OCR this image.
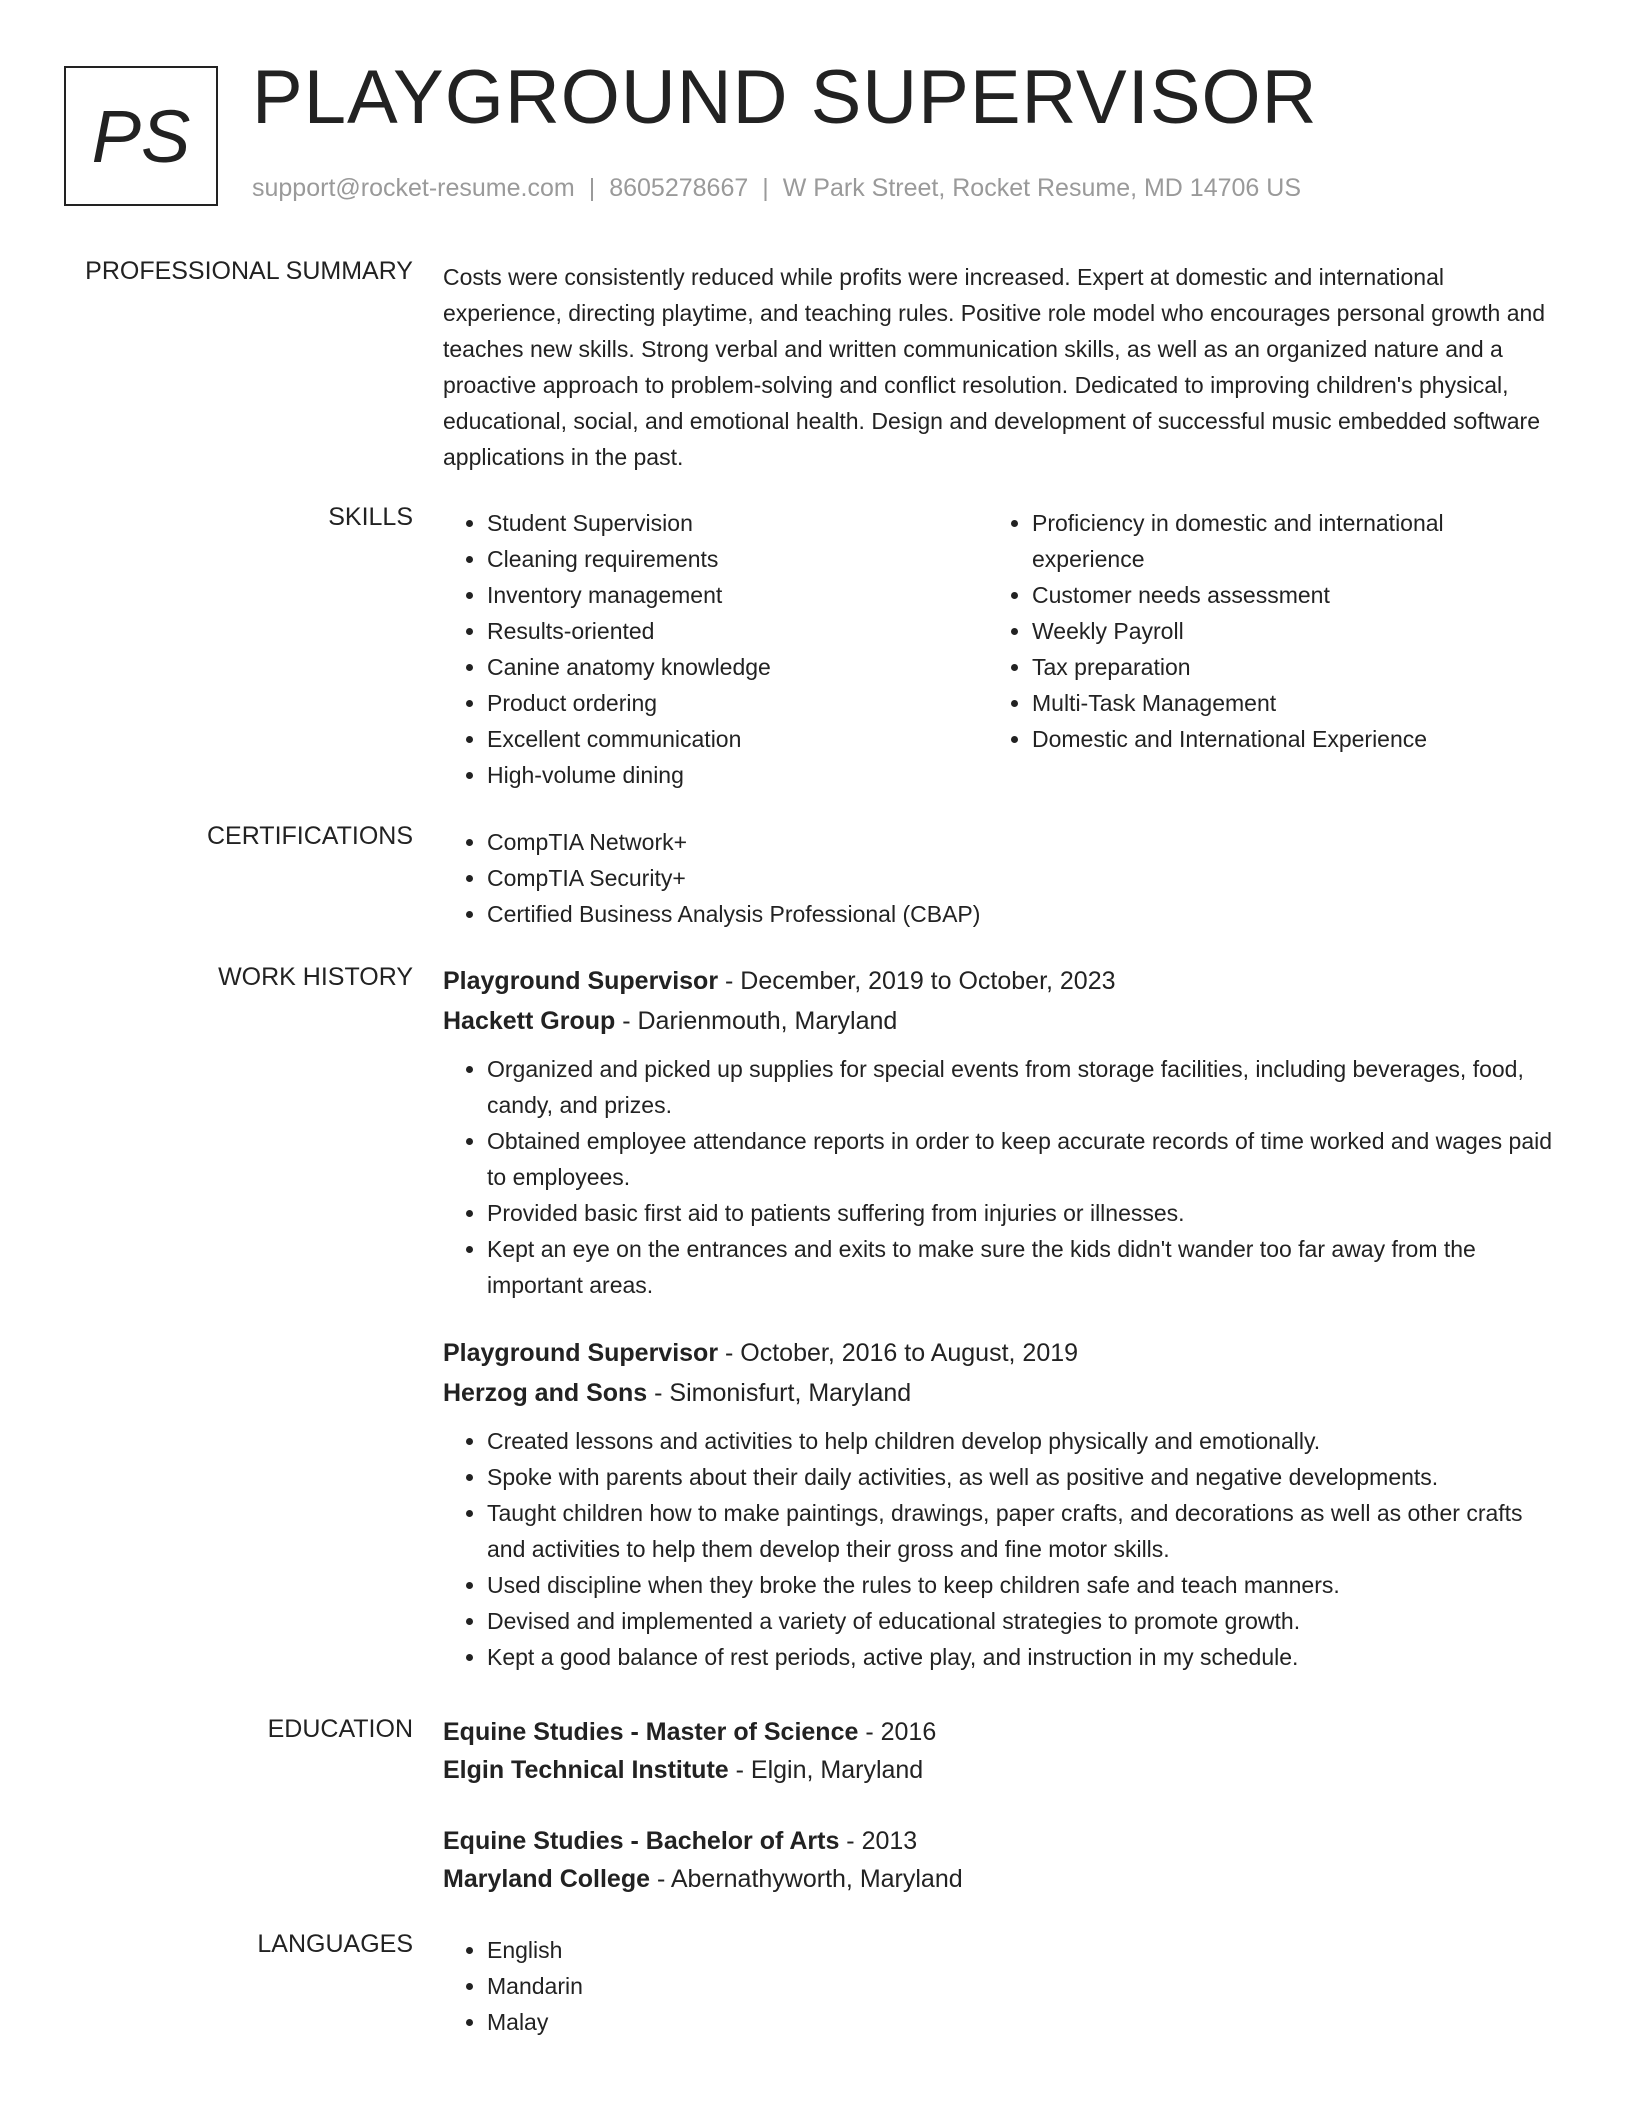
PS PLAYGROUND SUPERVISOR
support@rocket-resume.com | 8605278667 | W Park Street, Rocket Resume, MD 14706 US
PROFESSIONAL SUMMARY Costs were consistently reduced while profits were increased. Expert at domestic and international experience, directing playtime, and teaching rules. Positive role model who encourages personal growth and teaches new skills. Strong verbal and written communication skills, as well as an organized nature and a proactive approach to problem-solving and conflict resolution. Dedicated to improving children's physical, educational, social, and emotional health. Design and development of successful music embedded software applications in the past.
SKILLS	• Student Supervision
• Cleaning requirements
• Inventory management
• Results-oriented
• Canine anatomy knowledge
• Product ordering
• Excellent communication
• High-volume dining
• Proficiency in domestic and international experience
• Customer needs assessment
• Weekly Payroll
• Tax preparation
• Multi-Task Management
• Domestic and International Experience
CERTIFICATIONS	• CompTIA Network+
• CompTIA Security+
• Certified Business Analysis Professional (CBAP)
WORK HISTORY Playground Supervisor - December, 2019 to October, 2023
Hackett Group - Darienmouth, Maryland
• Organized and picked up supplies for special events from storage facilities, including beverages, food, candy, and prizes.
• Obtained employee attendance reports in order to keep accurate records of time worked and wages paid to employees.
• Provided basic first aid to patients suffering from injuries or illnesses.
• Kept an eye on the entrances and exits to make sure the kids didn't wander too far away from the important areas.
Playground Supervisor - October, 2016 to August, 2019
Herzog and Sons - Simonisfurt, Maryland
• Created lessons and activities to help children develop physically and emotionally.
• Spoke with parents about their daily activities, as well as positive and negative developments.
• Taught children how to make paintings, drawings, paper crafts, and decorations as well as other crafts and activities to help them develop their gross and fine motor skills.
• Used discipline when they broke the rules to keep children safe and teach manners.
• Devised and implemented a variety of educational strategies to promote growth.
• Kept a good balance of rest periods, active play, and instruction in my schedule.
EDUCATION Equine Studies - Master of Science - 2016
Elgin Technical Institute - Elgin, Maryland
Equine Studies - Bachelor of Arts - 2013
Maryland College - Abernathyworth, Maryland
LANGUAGES	• English
• Mandarin
• Malay
